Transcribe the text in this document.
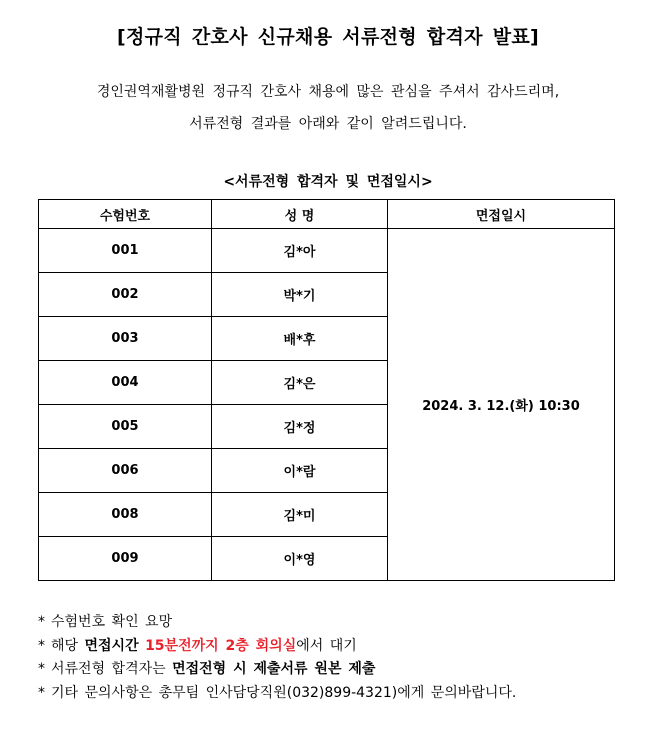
[정규직 간호사 신규채용 서류전형 합격자 발표]
경인권역재활병원 정규직 간호사 채용에 많은 관심을 주셔서 감사드리며,
서류전형 결과를 아래와 같이 알려드립니다.
<서류전형 합격자 및 면접일시>
수험번호	성 명	면접일시
001	김*아	2024. 3. 12.(화) 10:30
002	박*기	
003	배*후	
004	김*은	
005	김*정	
006	이*람	
008	김*미	
009	이*영	
* 수험번호 확인 요망
* 해당 면접시간 15분전까지 2층 회의실에서 대기
* 서류전형 합격자는 면접전형 시 제출서류 원본 제출
* 기타 문의사항은 총무팀 인사담당직원(032)899-4321)에게 문의바랍니다.
